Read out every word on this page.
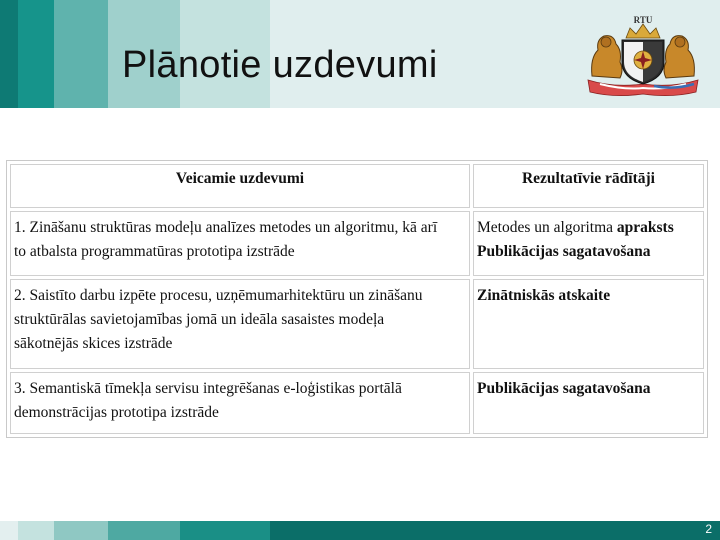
Plānotie uzdevumi
RTU
Veicamie uzdevumi	Rezultatīvie rādītāji

1. Zināšanu struktūras modeļu analīzes metodes un algoritmu, kā arī
to atbalsta programmatūras prototipa izstrāde	Metodes un algoritma apraksts
Publikācijas sagatavošana

2. Saistīto darbu izpēte procesu, uzņēmumarhitektūru un zināšanu
struktūrālas savietojamības jomā un ideāla sasaistes modeļa
sākotnējās skices izstrāde	Zinātniskās atskaite

3. Semantiskā tīmekļa servisu integrēšanas e-loģistikas portālā
demonstrācijas prototipa izstrāde	Publikācijas sagatavošana
2
